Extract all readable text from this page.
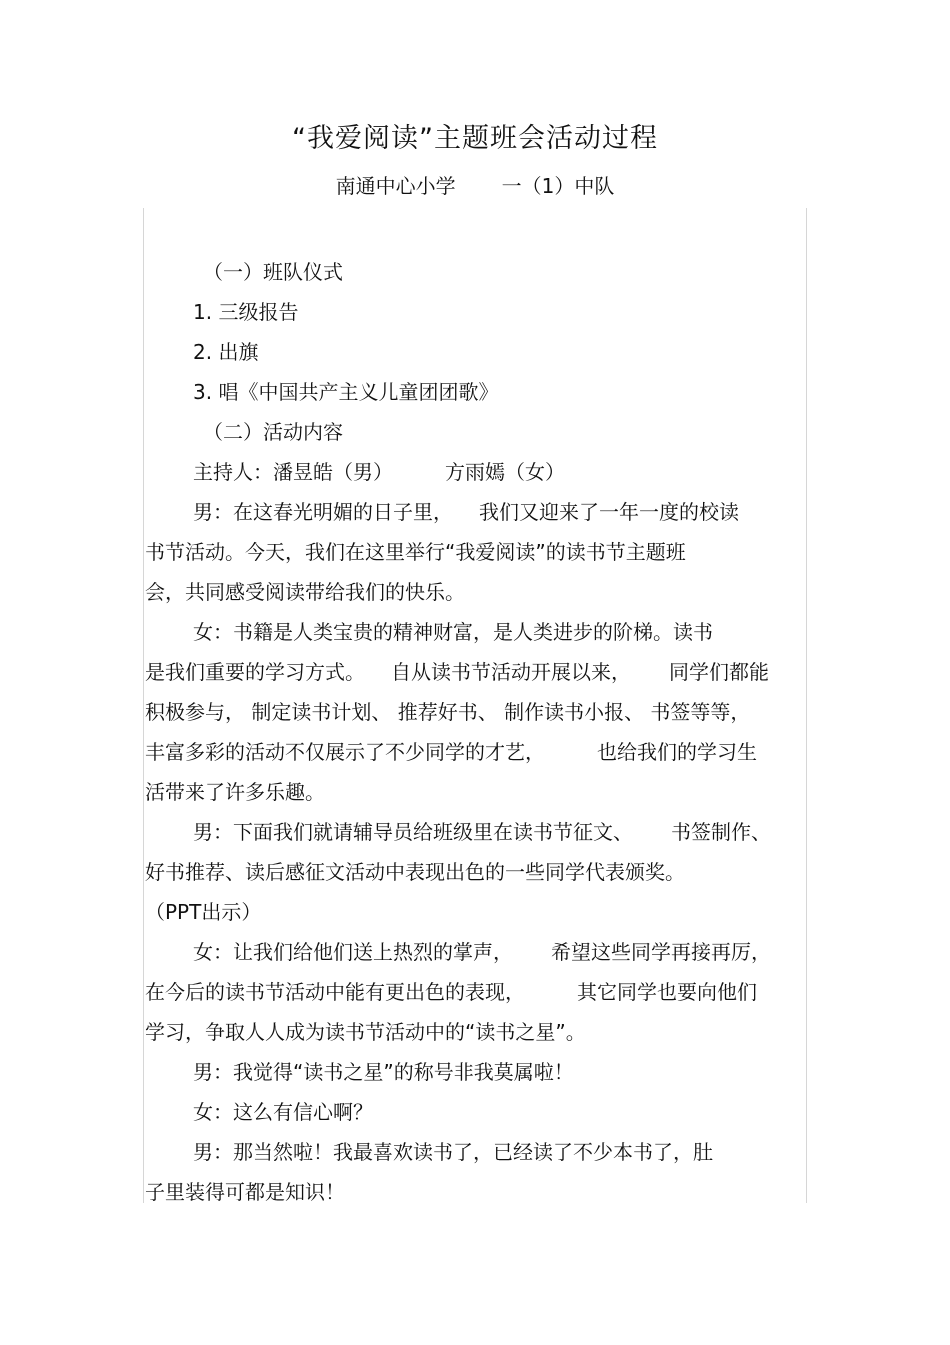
“我爱阅读”主题班会活动过程
南通中心小学 一（1）中队
（一）班队仪式
1. 三级报告
2. 出旗
3. 唱《中国共产主义儿童团团歌》
（二）活动内容
主持人：潘昱皓（男）	方雨嫣（女）
男：在这春光明媚的日子里， 我们又迎来了一年一度的校读
书节活动。今天，我们在这里举行“我爱阅读”的读书节主题班
会，共同感受阅读带给我们的快乐。
女：书籍是人类宝贵的精神财富，是人类进步的阶梯。读书
是我们重要的学习方式。 自从读书节活动开展以来， 同学们都能
积极参与， 制定读书计划、 推荐好书、 制作读书小报、 书签等等，
丰富多彩的活动不仅展示了不少同学的才艺，	也给我们的学习生
活带来了许多乐趣。
男：下面我们就请辅导员给班级里在读书节征文、 书签制作、
好书推荐、读后感征文活动中表现出色的一些同学代表颁奖。
（PPT出示）
女：让我们给他们送上热烈的掌声， 希望这些同学再接再厉，
在今后的读书节活动中能有更出色的表现，	其它同学也要向他们
学习，争取人人成为读书节活动中的“读书之星”。
男：我觉得“读书之星”的称号非我莫属啦！
女：这么有信心啊？
男：那当然啦！我最喜欢读书了，已经读了不少本书了，肚
子里装得可都是知识！
